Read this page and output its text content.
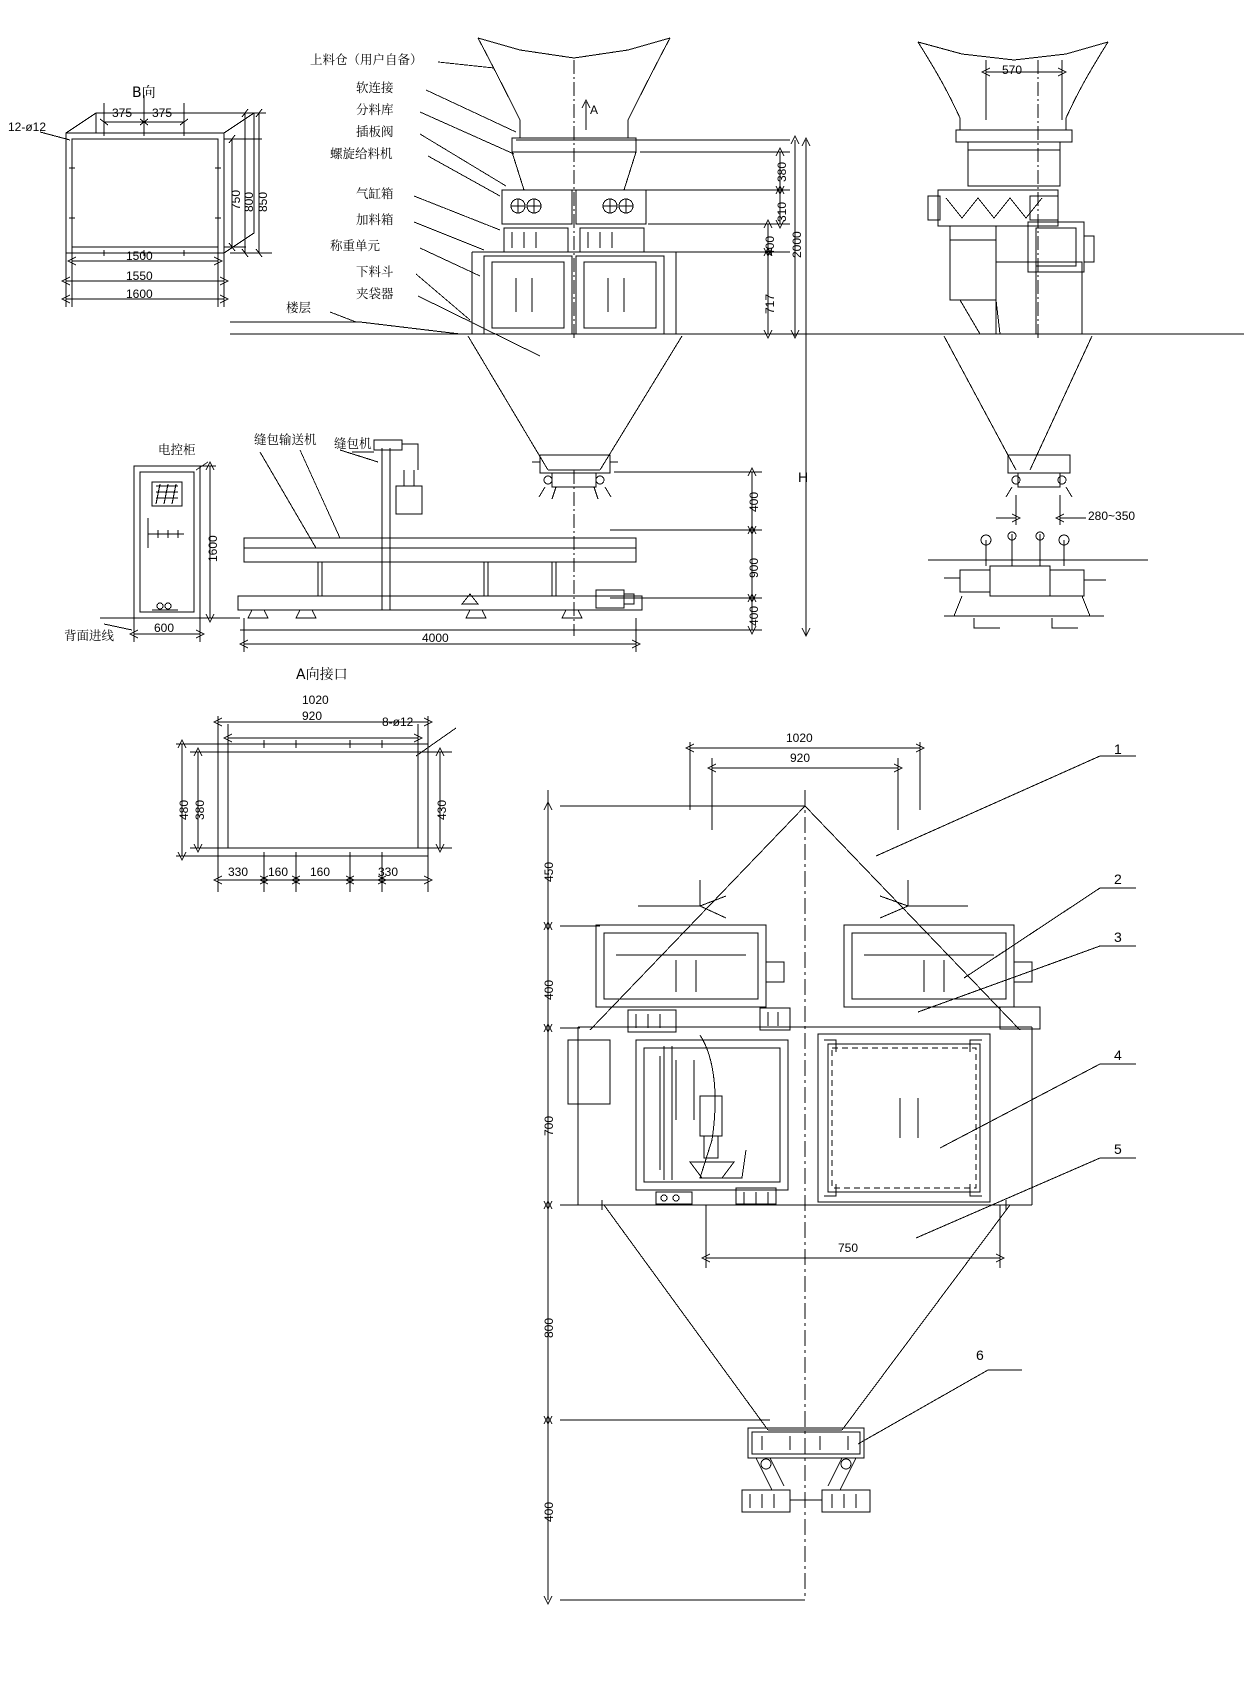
B向
12-ø12
375 375
750 800 850
1500
1550
1600
上料仓（用户自备）
软连接
分料库
插板阀
螺旋给料机
气缸箱
加料箱
称重单元
下料斗
夹袋器
楼层
电控柜
缝包输送机 缝包机
背面进线
A
380
310
400
717
2000
H
400
900
400
1600
600
4000
570
280~350
A向接口
1020
920	8-ø12
480 380	430
330 160 160	330
1020
920
450
400
700
800
400
750
1
2
3
4
5
6
